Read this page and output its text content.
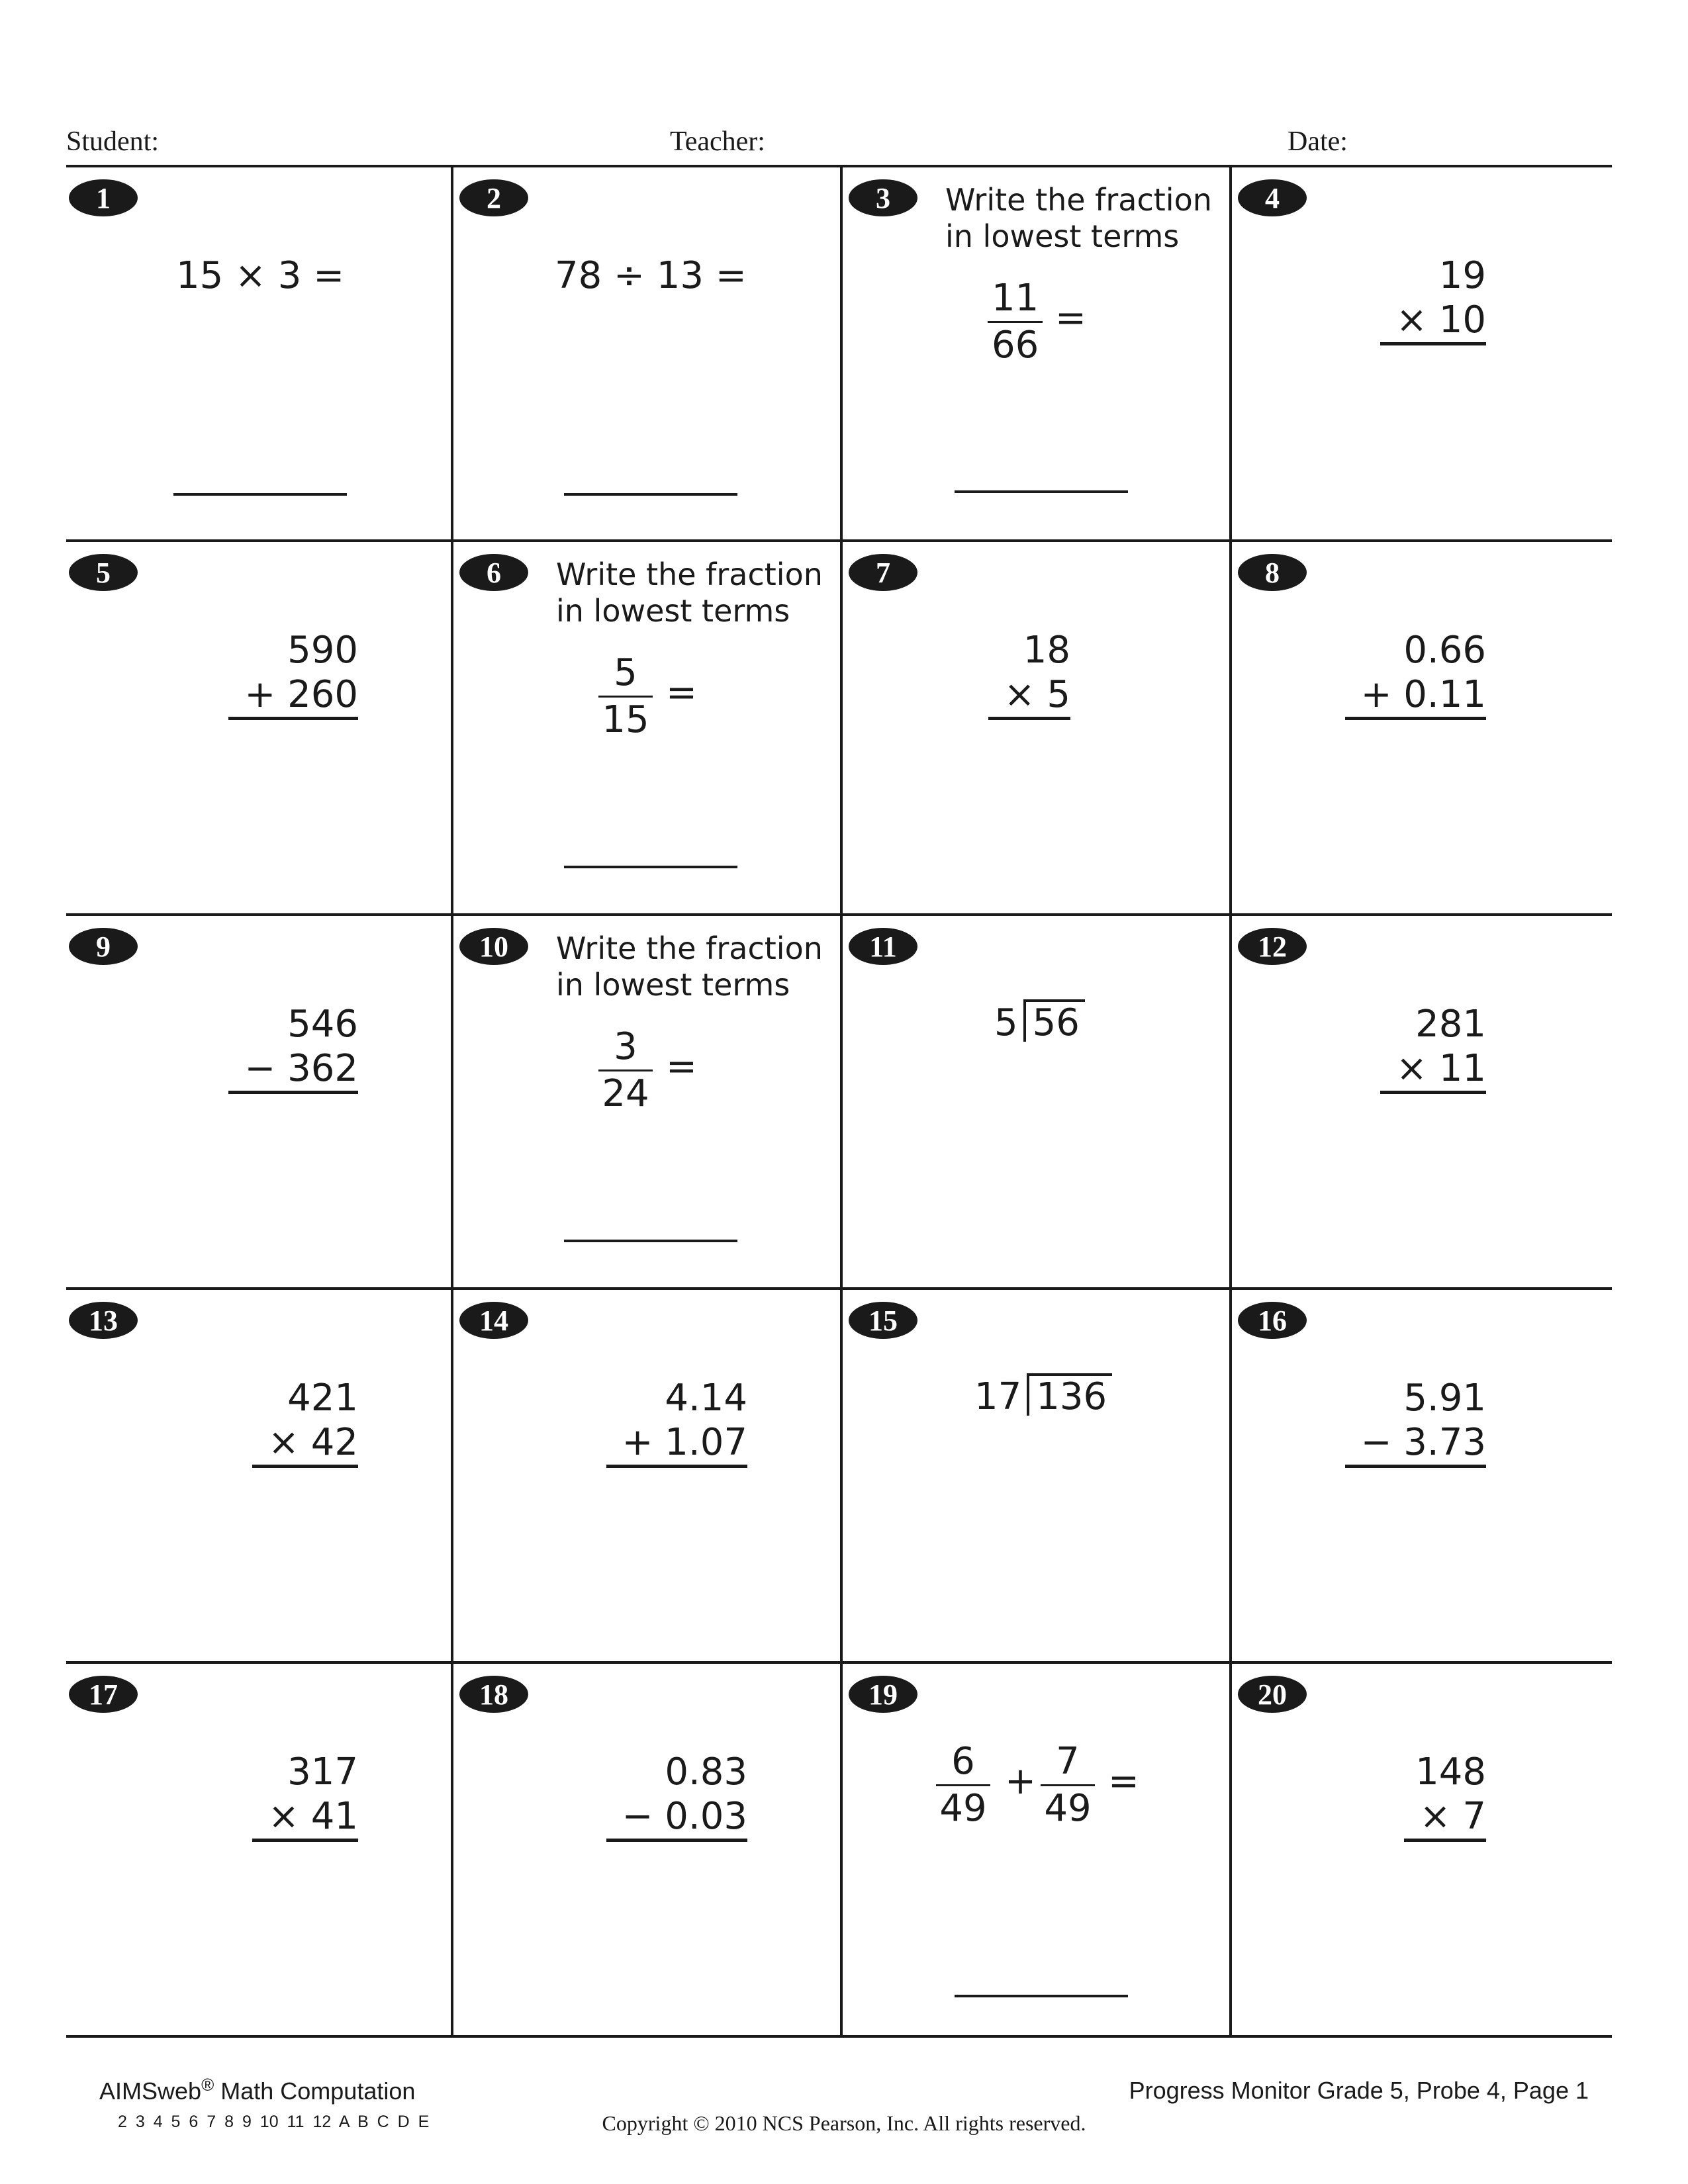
Student:	Teacher:	Date:
1
15 × 3 =
2
78 ÷ 13 =
3	Write the fraction
in lowest terms
$\frac{11}{66}$ =
4
19
× 10
5
590
+ 260
6	Write the fraction
in lowest terms
$\frac{5}{15}$ =
7
18
× 5
8
0.66
+ 0.11
9
546
− 362
10	Write the fraction
in lowest terms
$\frac{3}{24}$ =
11
5 56
12
281
× 11
13
421
× 42
14
4.14
+ 1.07
15
17 136
16
5.91
− 3.73
17
317
× 41
18
0.83
− 0.03
19
$\frac{6}{49} + \frac{7}{49}$ =
20
148
× 7
AIMSweb® Math Computation
2 3 4 5 6 7 8 9 10 11 12 A B C D E
Progress Monitor Grade 5, Probe 4, Page 1
Copyright © 2010 NCS Pearson, Inc. All rights reserved.
